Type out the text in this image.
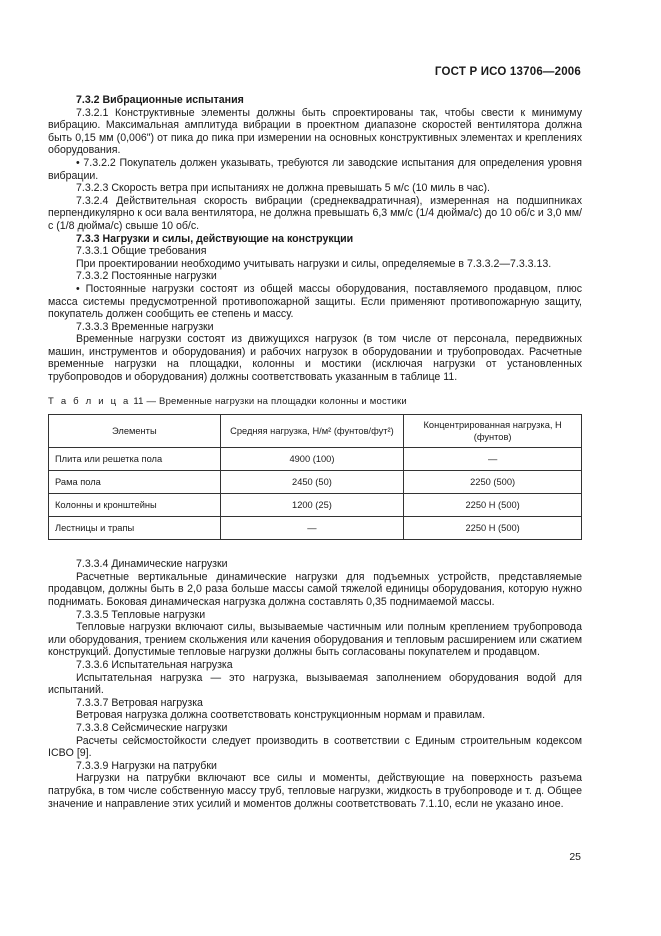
ГОСТ Р ИСО 13706—2006

7.3.2 Вибрационные испытания

7.3.2.1 Конструктивные элементы должны быть спроектированы так, чтобы свести к минимуму вибрацию. Максимальная амплитуда вибрации в проектном диапазоне скоростей вентилятора должна быть 0,15 мм (0,006") от пика до пика при измерении на основных конструктивных элементах и креплениях оборудования.

• 7.3.2.2 Покупатель должен указывать, требуются ли заводские испытания для определения уровня вибрации.

7.3.2.3 Скорость ветра при испытаниях не должна превышать 5 м/с (10 миль в час).

7.3.2.4 Действительная скорость вибрации (среднеквадратичная), измеренная на подшипниках перпендикулярно к оси вала вентилятора, не должна превышать 6,3 мм/с (1/4 дюйма/с) до 10 об/с и 3,0 мм/с (1/8 дюйма/с) свыше 10 об/с.

7.3.3 Нагрузки и силы, действующие на конструкции

7.3.3.1 Общие требования

При проектировании необходимо учитывать нагрузки и силы, определяемые в 7.3.3.2—7.3.3.13.

7.3.3.2 Постоянные нагрузки

• Постоянные нагрузки состоят из общей массы оборудования, поставляемого продавцом, плюс масса системы предусмотренной противопожарной защиты. Если применяют противопожарную защиту, покупатель должен сообщить ее степень и массу.

7.3.3.3 Временные нагрузки

Временные нагрузки состоят из движущихся нагрузок (в том числе от персонала, передвижных машин, инструментов и оборудования) и рабочих нагрузок в оборудовании и трубопроводах. Расчетные временные нагрузки на площадки, колонны и мостики (исключая нагрузки от установленных трубопроводов и оборудования) должны соответствовать указанным в таблице 11.

Т а б л и ц а 11 — Временные нагрузки на площадки колонны и мостики
Элементы	Средняя нагрузка, Н/м² (фунтов/фут²)	Концентрированная нагрузка, Н (фунтов)
Плита или решетка пола	4900 (100)	—
Рама пола	2450 (50)	2250 (500)
Колонны и кронштейны	1200 (25)	2250 Н (500)
Лестницы и трапы	—	2250 Н (500)

7.3.3.4 Динамические нагрузки

Расчетные вертикальные динамические нагрузки для подъемных устройств, представляемые продавцом, должны быть в 2,0 раза больше массы самой тяжелой единицы оборудования, которую нужно поднимать. Боковая динамическая нагрузка должна составлять 0,35 поднимаемой массы.

7.3.3.5 Тепловые нагрузки

Тепловые нагрузки включают силы, вызываемые частичным или полным креплением трубопровода или оборудования, трением скольжения или качения оборудования и тепловым расширением или сжатием конструкций. Допустимые тепловые нагрузки должны быть согласованы покупателем и продавцом.

7.3.3.6 Испытательная нагрузка

Испытательная нагрузка — это нагрузка, вызываемая заполнением оборудования водой для испытаний.

7.3.3.7 Ветровая нагрузка

Ветровая нагрузка должна соответствовать конструкционным нормам и правилам.

7.3.3.8 Сейсмические нагрузки

Расчеты сейсмостойкости следует производить в соответствии с Единым строительным кодексом ICBO [9].

7.3.3.9 Нагрузки на патрубки

Нагрузки на патрубки включают все силы и моменты, действующие на поверхность разъема патрубка, в том числе собственную массу труб, тепловые нагрузки, жидкость в трубопроводе и т. д. Общее значение и направление этих усилий и моментов должны соответствовать 7.1.10, если не указано иное.

25
